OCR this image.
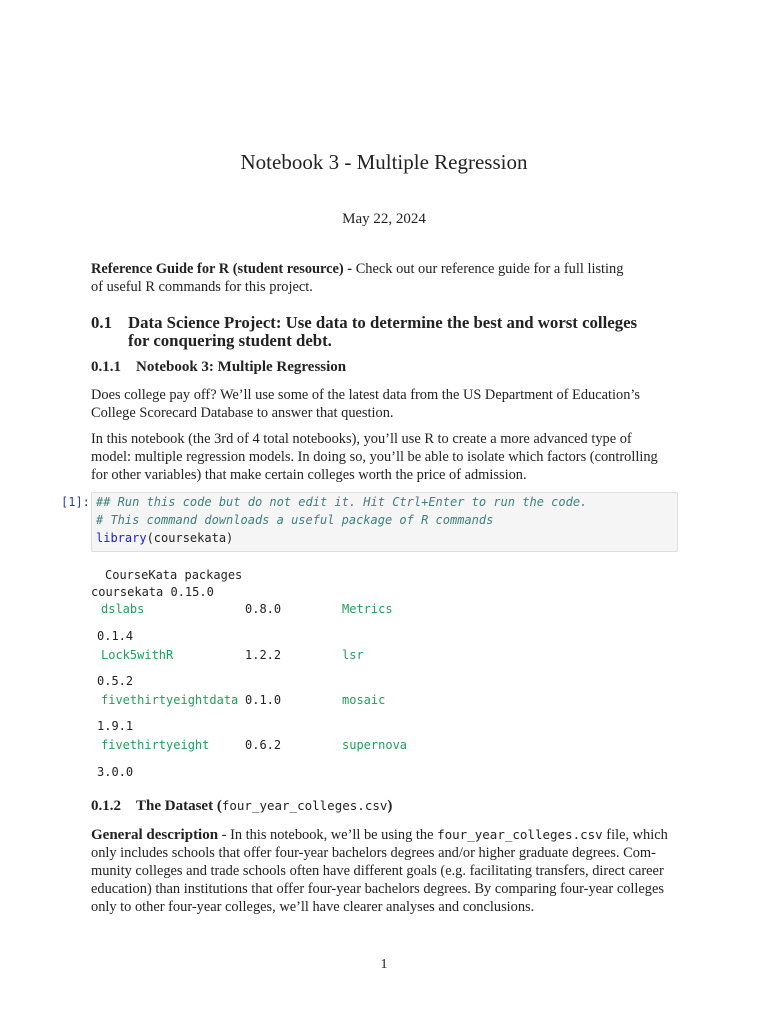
Notebook 3 - Multiple Regression
May 22, 2024
Reference Guide for R (student resource) - Check out our reference guide for a full listing
of useful R commands for this project.
0.1 Data Science Project: Use data to determine the best and worst colleges
for conquering student debt.
0.1.1 Notebook 3: Multiple Regression
Does college pay off? We’ll use some of the latest data from the US Department of Education’s
College Scorecard Database to answer that question.
In this notebook (the 3rd of 4 total notebooks), you’ll use R to create a more advanced type of
model: multiple regression models. In doing so, you’ll be able to isolate which factors (controlling
for other variables) that make certain colleges worth the price of admission.
[1]: ## Run this code but do not edit it. Hit Ctrl+Enter to run the code.
# This command downloads a useful package of R commands
library(coursekata)
CourseKata packages
coursekata 0.15.0
dslabs	0.8.0	Metrics
0.1.4
Lock5withR	1.2.2	lsr
0.5.2
fivethirtyeightdata 0.1.0	mosaic
1.9.1
fivethirtyeight	0.6.2	supernova
3.0.0
0.1.2 The Dataset (four_year_colleges.csv)
General description - In this notebook, we’ll be using the four_year_colleges.csv file, which
only includes schools that offer four-year bachelors degrees and/or higher graduate degrees. Com-
munity colleges and trade schools often have different goals (e.g. facilitating transfers, direct career
education) than institutions that offer four-year bachelors degrees. By comparing four-year colleges
only to other four-year colleges, we’ll have clearer analyses and conclusions.
1
